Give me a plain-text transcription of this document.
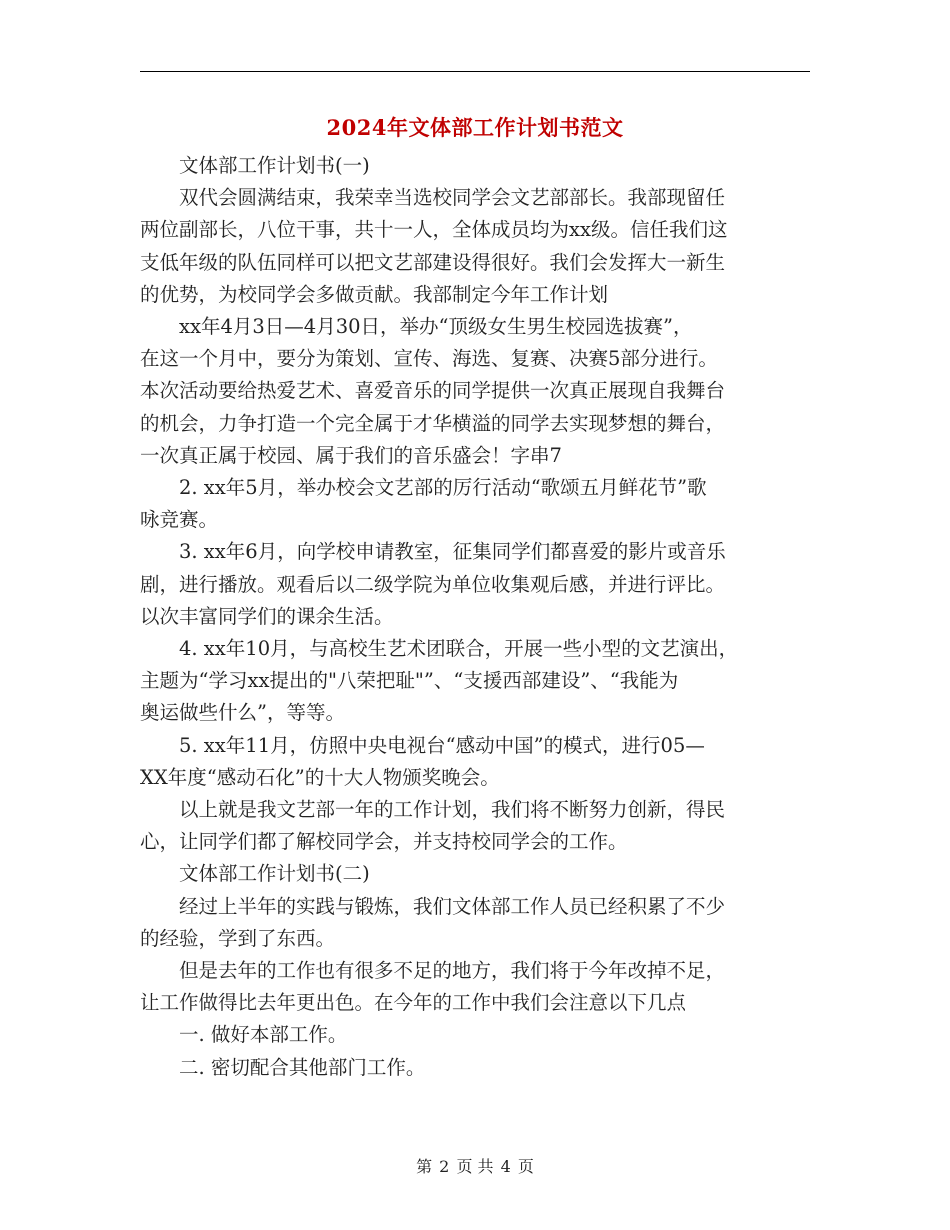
2024年文体部工作计划书范文

文体部工作计划书(一)

双代会圆满结束，我荣幸当选校同学会文艺部部长。我部现留任
两位副部长，八位干事，共十一人，全体成员均为xx级。信任我们这
支低年级的队伍同样可以把文艺部建设得很好。我们会发挥大一新生
的优势，为校同学会多做贡献。我部制定今年工作计划

xx年4月3日—4月30日，举办“顶级女生男生校园选拔赛”，
在这一个月中，要分为策划、宣传、海选、复赛、决赛5部分进行。
本次活动要给热爱艺术、喜爱音乐的同学提供一次真正展现自我舞台
的机会，力争打造一个完全属于才华横溢的同学去实现梦想的舞台，
一次真正属于校园、属于我们的音乐盛会！字串7

2. xx年5月，举办校会文艺部的厉行活动“歌颂五月鲜花节”歌
咏竞赛。

3. xx年6月，向学校申请教室，征集同学们都喜爱的影片或音乐
剧，进行播放。观看后以二级学院为单位收集观后感，并进行评比。
以次丰富同学们的课余生活。

4. xx年10月，与高校生艺术团联合，开展一些小型的文艺演出，
主题为“学习xx提出的"八荣把耻"”、“支援西部建设”、“我能为
奥运做些什么”，等等。

5. xx年11月，仿照中央电视台“感动中国”的模式，进行05—
XX年度“感动石化”的十大人物颁奖晚会。

以上就是我文艺部一年的工作计划，我们将不断努力创新，得民
心，让同学们都了解校同学会，并支持校同学会的工作。

文体部工作计划书(二)

经过上半年的实践与锻炼，我们文体部工作人员已经积累了不少
的经验，学到了东西。

但是去年的工作也有很多不足的地方，我们将于今年改掉不足，
让工作做得比去年更出色。在今年的工作中我们会注意以下几点

一. 做好本部工作。

二. 密切配合其他部门工作。

第 2 页 共 4 页
